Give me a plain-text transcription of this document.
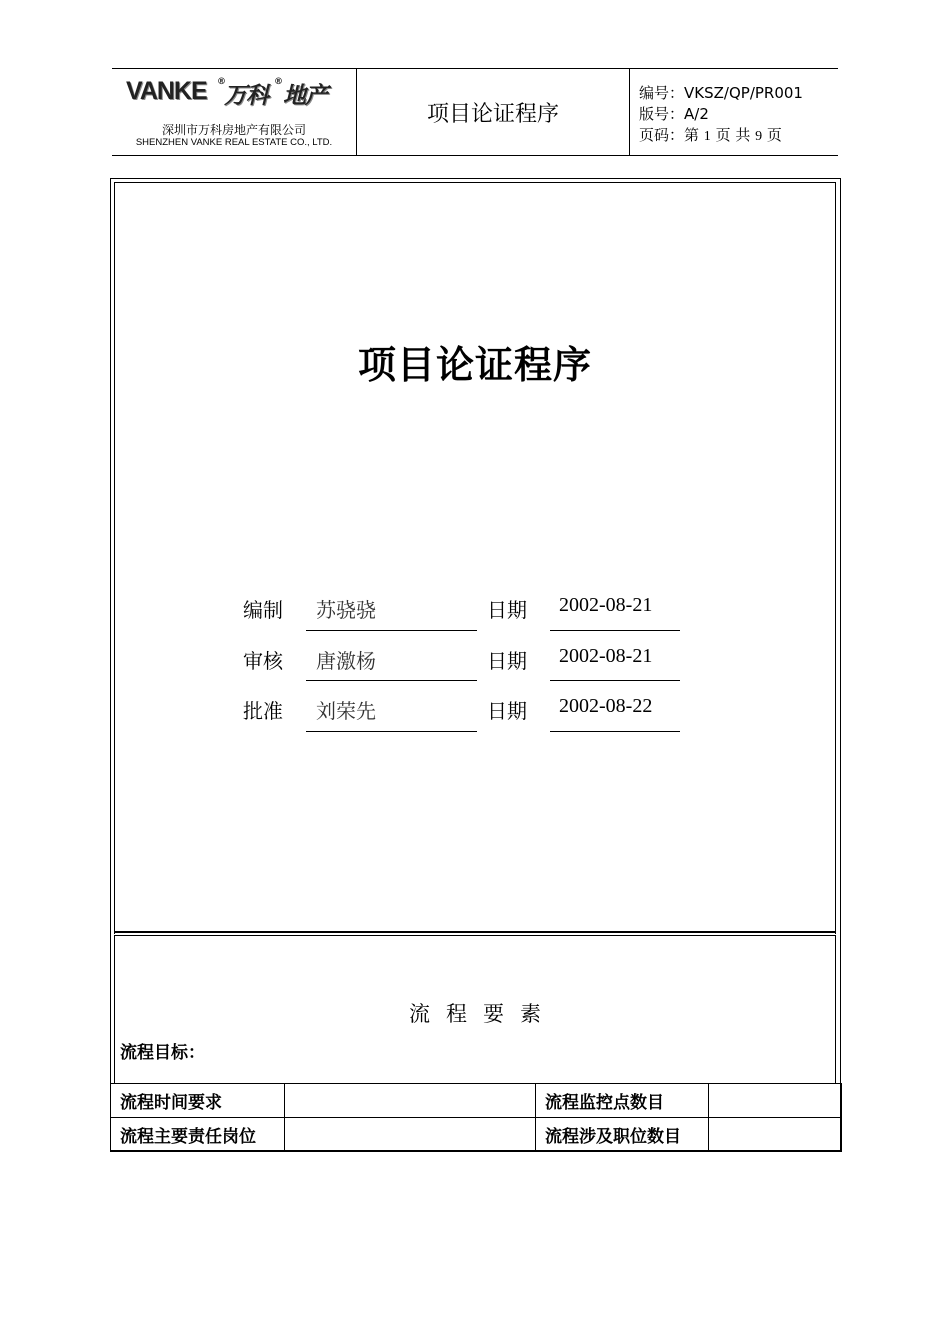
VANKE ®
万科
®
地产
深圳市万科房地产有限公司
SHENZHEN VANKE REAL ESTATE CO., LTD.
项目论证程序
编号：VKSZ/QP/PR001
版号：A/2
页码：第 1 页 共 9 页
项目论证程序
编制 苏骁骁	日期 2002-08-21
审核 唐激杨	日期 2002-08-21
批准 刘荣先	日期 2002-08-22
流程要素
流程目标：
流程时间要求		流程监控点数目	
流程主要责任岗位		流程涉及职位数目	
